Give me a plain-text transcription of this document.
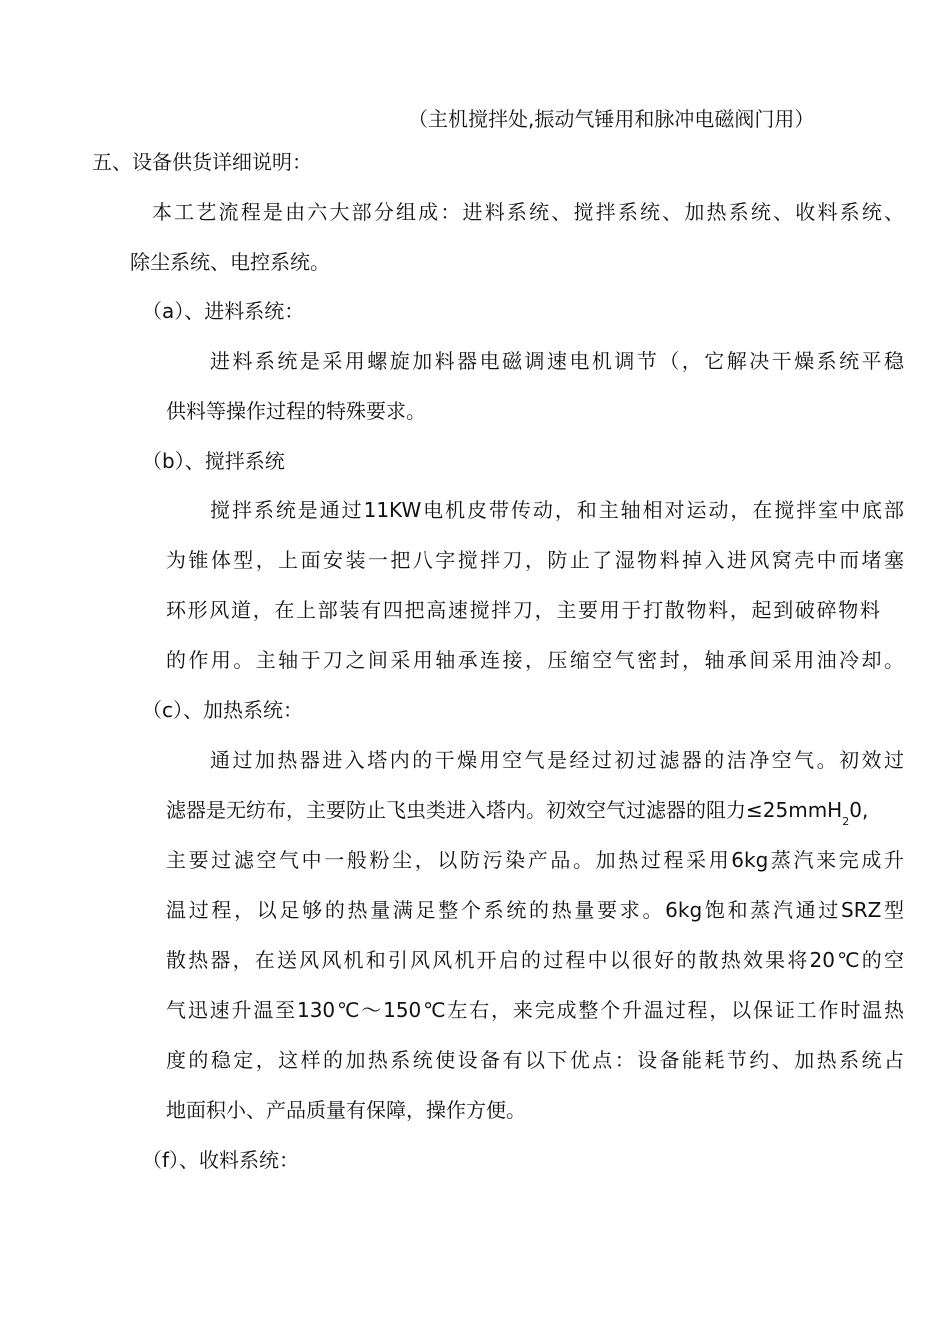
（主机搅拌处,振动气锤用和脉冲电磁阀门用）
五、设备供货详细说明：
本工艺流程是由六大部分组成：进料系统、搅拌系统、加热系统、收料系统、
除尘系统、电控系统。
（a）、进料系统：
进料系统是采用螺旋加料器电磁调速电机调节（，它解决干燥系统平稳
供料等操作过程的特殊要求。
（b）、搅拌系统
搅拌系统是通过11KW电机皮带传动，和主轴相对运动，在搅拌室中底部
为锥体型，上面安装一把八字搅拌刀，防止了湿物料掉入进风窝壳中而堵塞
环形风道，在上部装有四把高速搅拌刀，主要用于打散物料，起到破碎物料
的作用。主轴于刀之间采用轴承连接，压缩空气密封，轴承间采用油冷却。
（c）、加热系统：
通过加热器进入塔内的干燥用空气是经过初过滤器的洁净空气。初效过
滤器是无纺布，主要防止飞虫类进入塔内。初效空气过滤器的阻力≤25mmH$_2$0,
主要过滤空气中一般粉尘，以防污染产品。加热过程采用6kg蒸汽来完成升
温过程，以足够的热量满足整个系统的热量要求。6kg饱和蒸汽通过SRZ型
散热器，在送风风机和引风风机开启的过程中以很好的散热效果将20℃的空
气迅速升温至130℃～150℃左右，来完成整个升温过程，以保证工作时温热
度的稳定，这样的加热系统使设备有以下优点：设备能耗节约、加热系统占
地面积小、产品质量有保障，操作方便。
（f）、收料系统：
